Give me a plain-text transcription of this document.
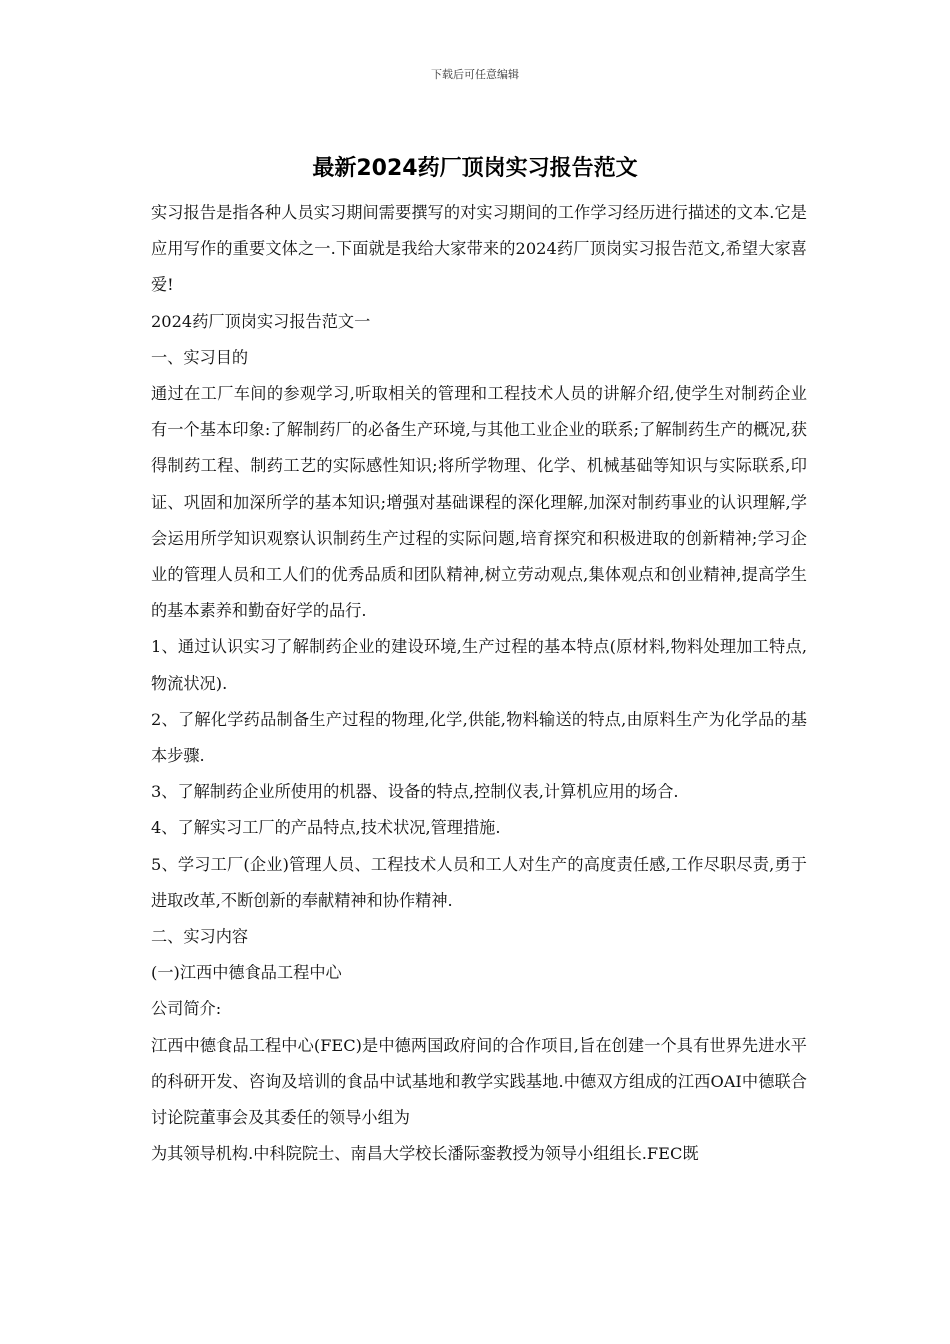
下载后可任意编辑
最新2024药厂顶岗实习报告范文

实习报告是指各种人员实习期间需要撰写的对实习期间的工作学习经历进行描述的文本.它是应用写作的重要文体之一.下面就是我给大家带来的2024药厂顶岗实习报告范文,希望大家喜爱!

2024药厂顶岗实习报告范文一

一、实习目的

通过在工厂车间的参观学习,听取相关的管理和工程技术人员的讲解介绍,使学生对制药企业有一个基本印象:了解制药厂的必备生产环境,与其他工业企业的联系;了解制药生产的概况,获得制药工程、制药工艺的实际感性知识;将所学物理、化学、机械基础等知识与实际联系,印证、巩固和加深所学的基本知识;增强对基础课程的深化理解,加深对制药事业的认识理解,学会运用所学知识观察认识制药生产过程的实际问题,培育探究和积极进取的创新精神;学习企业的管理人员和工人们的优秀品质和团队精神,树立劳动观点,集体观点和创业精神,提高学生的基本素养和勤奋好学的品行.

1、通过认识实习了解制药企业的建设环境,生产过程的基本特点(原材料,物料处理加工特点,物流状况).

2、了解化学药品制备生产过程的物理,化学,供能,物料输送的特点,由原料生产为化学品的基本步骤.

3、了解制药企业所使用的机器、设备的特点,控制仪表,计算机应用的场合.

4、了解实习工厂的产品特点,技术状况,管理措施.

5、学习工厂(企业)管理人员、工程技术人员和工人对生产的高度责任感,工作尽职尽责,勇于进取改革,不断创新的奉献精神和协作精神.

二、实习内容

(一)江西中德食品工程中心

公司简介:

江西中德食品工程中心(FEC)是中德两国政府间的合作项目,旨在创建一个具有世界先进水平的科研开发、咨询及培训的食品中试基地和教学实践基地.中德双方组成的江西OAI中德联合讨论院董事会及其委任的领导小组为

为其领导机构.中科院院士、南昌大学校长潘际銮教授为领导小组组长.FEC既
